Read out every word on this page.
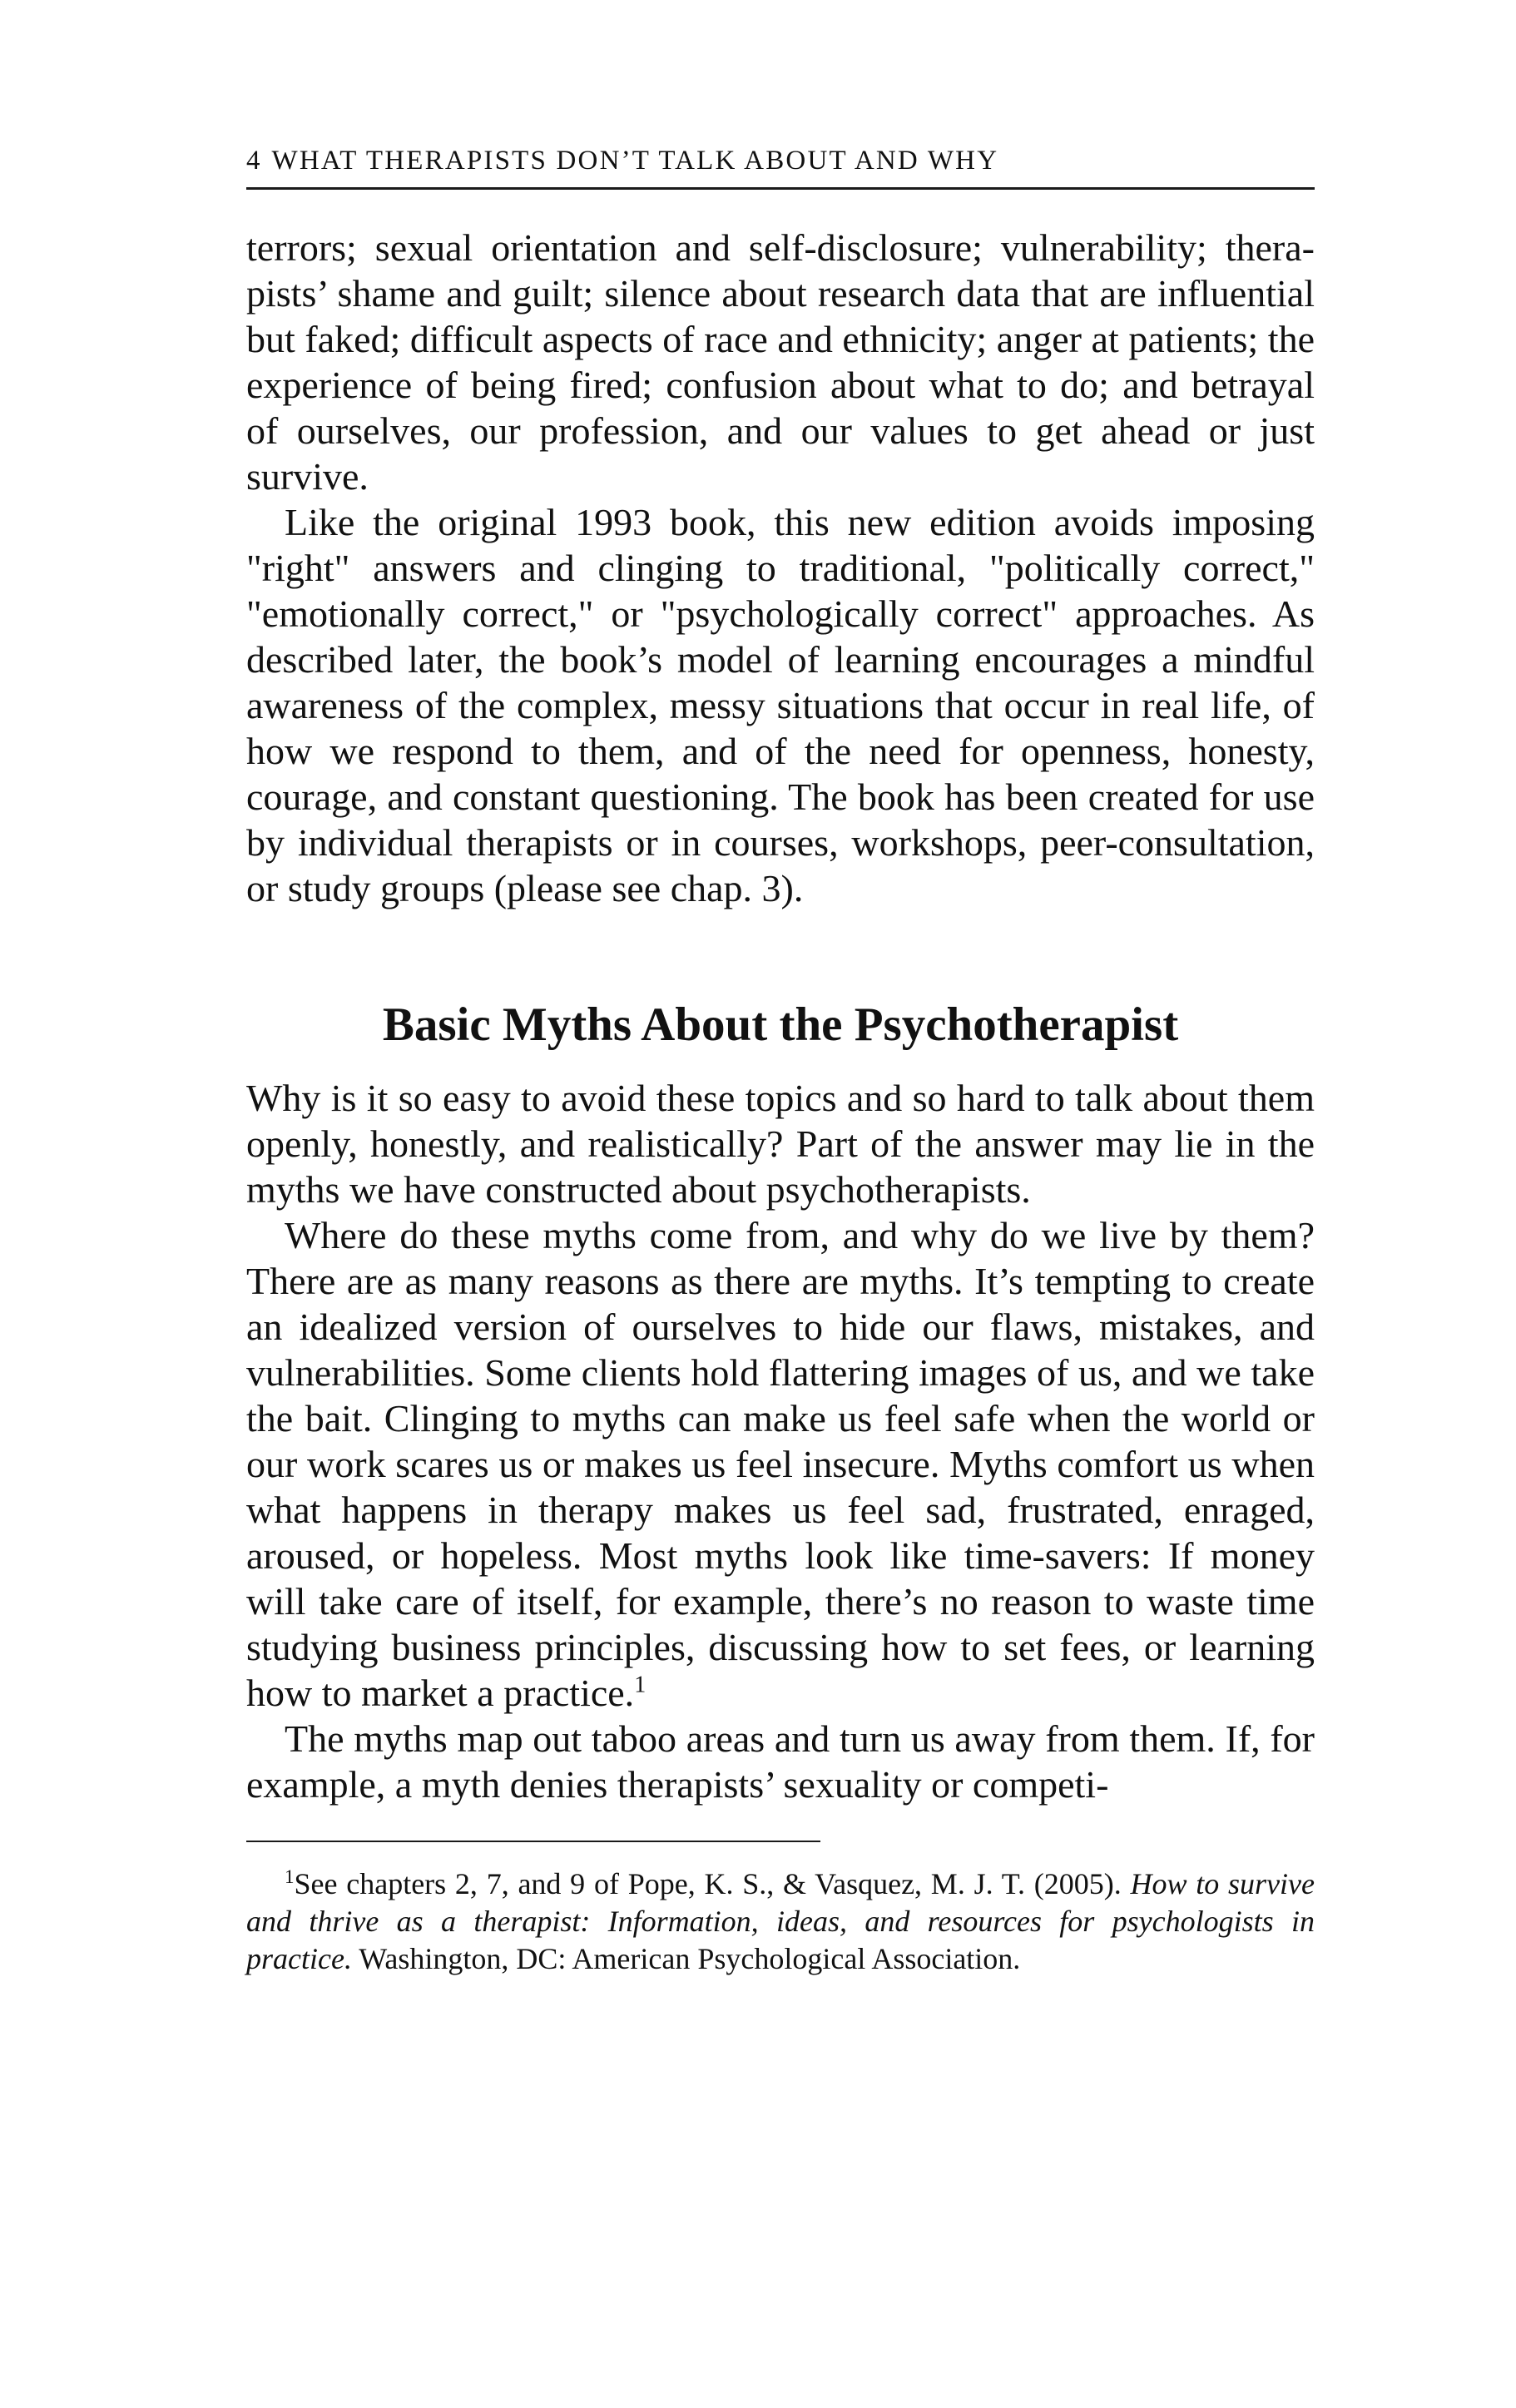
4 WHAT THERAPISTS DON’T TALK ABOUT AND WHY

terrors; sexual orientation and self-disclosure; vulnerability; therapists’ shame and guilt; silence about research data that are influential but faked; difficult aspects of race and ethnicity; anger at patients; the experience of being fired; confusion about what to do; and betrayal of ourselves, our profession, and our values to get ahead or just survive.

Like the original 1993 book, this new edition avoids imposing "right" answers and clinging to traditional, "politically correct," "emotionally correct," or "psychologically correct" approaches. As described later, the book’s model of learning encourages a mindful awareness of the complex, messy situations that occur in real life, of how we respond to them, and of the need for openness, honesty, courage, and constant questioning. The book has been created for use by individual therapists or in courses, workshops, peer-consultation, or study groups (please see chap. 3).

Basic Myths About the Psychotherapist

Why is it so easy to avoid these topics and so hard to talk about them openly, honestly, and realistically? Part of the answer may lie in the myths we have constructed about psychotherapists.

Where do these myths come from, and why do we live by them? There are as many reasons as there are myths. It’s tempting to create an idealized version of ourselves to hide our flaws, mistakes, and vulnerabilities. Some clients hold flattering images of us, and we take the bait. Clinging to myths can make us feel safe when the world or our work scares us or makes us feel insecure. Myths comfort us when what happens in therapy makes us feel sad, frustrated, enraged, aroused, or hopeless. Most myths look like time-savers: If money will take care of itself, for example, there’s no reason to waste time studying business principles, discussing how to set fees, or learning how to market a practice.$^1$

The myths map out taboo areas and turn us away from them. If, for example, a myth denies therapists’ sexuality or competi-

$^1$See chapters 2, 7, and 9 of Pope, K. S., & Vasquez, M. J. T. (2005). How to survive and thrive as a therapist: Information, ideas, and resources for psychologists in practice. Washington, DC: American Psychological Association.
